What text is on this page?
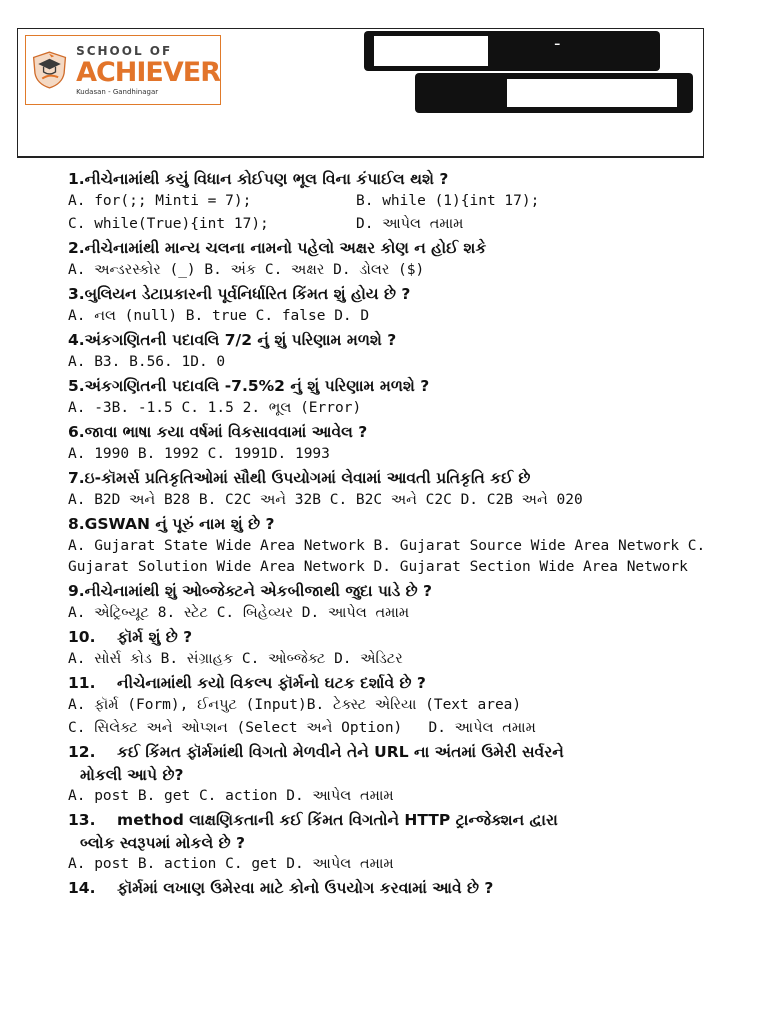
SCHOOL OF
ACHIEVER
Kudasan - Gandhinagar
-

1.નીચેનામાંથી કયું વિધાન કોઈપણ ભૂલ વિના કંપાઈલ થશે ?

A. for(;; Minti = 7);	B. while (1){int 17);
C. while(True){int 17);	D. આપેલ તમામ

2.નીચેનામાંથી માન્ય ચલના નામનો પહેલો અક્ષર કોણ ન હોઈ શકે

A. અન્ડરસ્કોર (_) B. અંક C. અક્ષર D. ડોલર ($)

3.બુલિયન ડેટાપ્રકારની પૂર્વનિર્ધારિત કિંમત શું હોય છે ?

A. નલ (null) B. true C. false D. D

4.અંકગણિતની પદાવલિ 7/2 નું શું પરિણામ મળશે ?

A. B3. B.56. 1D. 0

5.અંકગણિતની પદાવલિ -7.5%2 નું શું પરિણામ મળશે ?

A. -3B. -1.5 C. 1.5 2. ભૂલ (Error)

6.જાવા ભાષા કયા વર્ષમાં વિકસાવવામાં આવેલ ?

A. 1990 B. 1992 C. 1991D. 1993

7.ઇ-કૉમર્સ પ્રતિકૃતિઓમાં સૌથી ઉપયોગમાં લેવામાં આવતી પ્રતિકૃતિ કઈ છે

A. B2D અને B28 B. C2C અને 32B C. B2C અને C2C D. C2B અને 020

8.GSWAN નું પૂરું નામ શું છે ?

A. Gujarat State Wide Area Network B. Gujarat Source Wide Area Network C. Gujarat Solution Wide Area Network D. Gujarat Section Wide Area Network

9.નીચેનામાંથી શું ઓબ્જેક્ટને એકબીજાથી જુદા પાડે છે ?

A. એટ્રિબ્યૂટ 8. સ્ટેટ C. બિહેવ્યર D. આપેલ તમામ

10.    ફૉર્મ શું છે ?

A. સોર્સ કોડ B. સંગ્રાહક C. ઓબ્જેક્ટ D. એડિટર

11.    નીચેનામાંથી કયો વિકલ્પ ફૉર્મનો ઘટક દર્શાવે છે ?

A. ફૉર્મ (Form), ઈનપુટ (Input)B. ટેક્સ્ટ એરિયા (Text area)

C. સિલેક્ટ અને ઓપ્શન (Select અને Option)   D. આપેલ તમામ

12.    કઈ કિંમત ફૉર્મમાંથી વિગતો મેળવીને તેને URL ના અંતમાં ઉમેરી સર્વરને

મોકલી આપે છે?

A. post B. get C. action D. આપેલ તમામ

13.    method લાક્ષણિકતાની કઈ કિંમત વિગતોને HTTP ટ્રાન્જેક્શન દ્વારા

બ્લોક સ્વરૂપમાં મોકલે છે ?

A. post B. action C. get D. આપેલ તમામ

14.    ફૉર્મમાં લખાણ ઉમેરવા માટે કોનો ઉપયોગ કરવામાં આવે છે ?
